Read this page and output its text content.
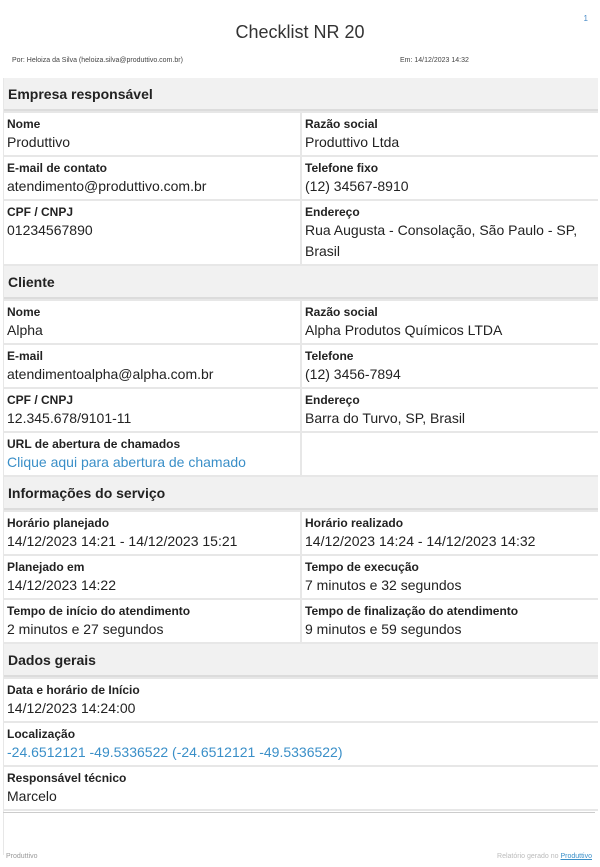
1
Checklist NR 20
Por: Heloiza da Silva (heloiza.silva@produttivo.com.br)	Em: 14/12/2023 14:32
Empresa responsável
Nome
Produttivo
Razão social
Produttivo Ltda
E-mail de contato
atendimento@produttivo.com.br
Telefone fixo
(12) 34567-8910
CPF / CNPJ
01234567890
Endereço
Rua Augusta - Consolação, São Paulo - SP, Brasil
Cliente
Nome
Alpha
Razão social
Alpha Produtos Químicos LTDA
E-mail
atendimentoalpha@alpha.com.br
Telefone
(12) 3456-7894
CPF / CNPJ
12.345.678/9101-11
Endereço
Barra do Turvo, SP, Brasil
URL de abertura de chamados
Clique aqui para abertura de chamado
Informações do serviço
Horário planejado
14/12/2023 14:21 - 14/12/2023 15:21
Horário realizado
14/12/2023 14:24 - 14/12/2023 14:32
Planejado em
14/12/2023 14:22
Tempo de execução
7 minutos e 32 segundos
Tempo de início do atendimento
2 minutos e 27 segundos
Tempo de finalização do atendimento
9 minutos e 59 segundos
Dados gerais
Data e horário de Início
14/12/2023 14:24:00
Localização
-24.6512121 -49.5336522 (-24.6512121 -49.5336522)
Responsável técnico
Marcelo
Produttivo	Relatório gerado no Produttivo
